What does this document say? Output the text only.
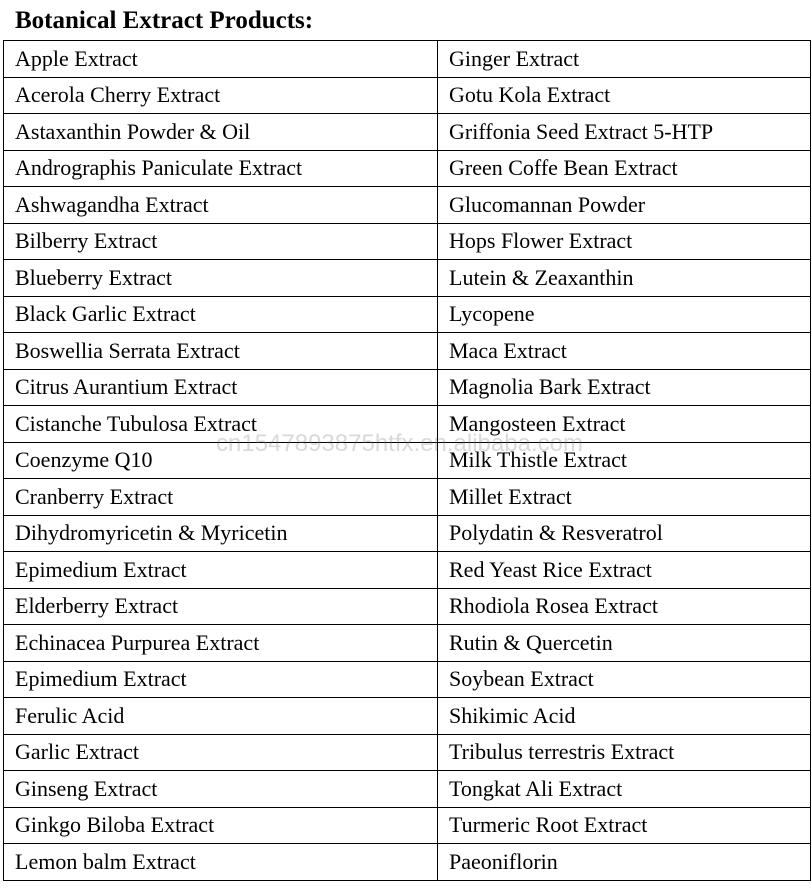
Botanical Extract Products:
Apple Extract	Ginger Extract
Acerola Cherry Extract	Gotu Kola Extract
Astaxanthin Powder & Oil	Griffonia Seed Extract 5-HTP
Andrographis Paniculate Extract	Green Coffe Bean Extract
Ashwagandha Extract	Glucomannan Powder
Bilberry Extract	Hops Flower Extract
Blueberry Extract	Lutein & Zeaxanthin
Black Garlic Extract	Lycopene
Boswellia Serrata Extract	Maca Extract
Citrus Aurantium Extract	Magnolia Bark Extract
Cistanche Tubulosa Extract	Mangosteen Extract
Coenzyme Q10	Milk Thistle Extract
Cranberry Extract	Millet Extract
Dihydromyricetin & Myricetin	Polydatin & Resveratrol
Epimedium Extract	Red Yeast Rice Extract
Elderberry Extract	Rhodiola Rosea Extract
Echinacea Purpurea Extract	Rutin & Quercetin
Epimedium Extract	Soybean Extract
Ferulic Acid	Shikimic Acid
Garlic Extract	Tribulus terrestris Extract
Ginseng Extract	Tongkat Ali Extract
Ginkgo Biloba Extract	Turmeric Root Extract
Lemon balm Extract	Paeoniflorin
cn1547893875htfx.en.alibaba.com
